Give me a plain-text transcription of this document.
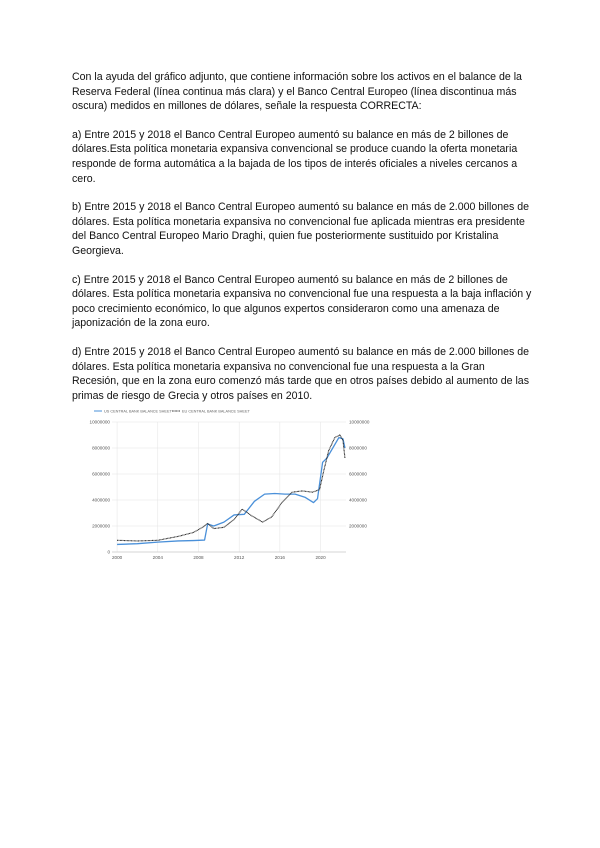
Con la ayuda del gráfico adjunto, que contiene información sobre los activos en el balance de la Reserva Federal (línea continua más clara) y el Banco Central Europeo (línea discontinua más oscura) medidos en millones de dólares, señale la respuesta CORRECTA:

a) Entre 2015 y 2018 el Banco Central Europeo aumentó su balance en más de 2 billones de dólares.Esta política monetaria expansiva convencional se produce cuando la oferta monetaria responde de forma automática a la bajada de los tipos de interés oficiales a niveles cercanos a cero.

b) Entre 2015 y 2018 el Banco Central Europeo aumentó su balance en más de 2.000 billones de dólares. Esta política monetaria expansiva no convencional fue aplicada mientras era presidente del Banco Central Europeo Mario Draghi, quien fue posteriormente sustituido por Kristalina Georgieva.

c) Entre 2015 y 2018 el Banco Central Europeo aumentó su balance en más de 2 billones de dólares. Esta política monetaria expansiva no convencional fue una respuesta a la baja inflación y poco crecimiento económico, lo que algunos expertos consideraron como una amenaza de japonización de la zona euro.

d) Entre 2015 y 2018 el Banco Central Europeo aumentó su balance en más de 2.000 billones de dólares. Esta política monetaria expansiva no convencional fue una respuesta a la Gran Recesión, que en la zona euro comenzó más tarde que en otros países debido al aumento de las primas de riesgo de Grecia y otros países en 2010.

0
2000000
4000000
6000000
8000000
10000000
2000000
4000000
6000000
8000000
10000000
2000	2004	2008	2012	2016	2020
US CENTRAL BANK BALANCE SHEET	EU CENTRAL BANK BALANCE SHEET
